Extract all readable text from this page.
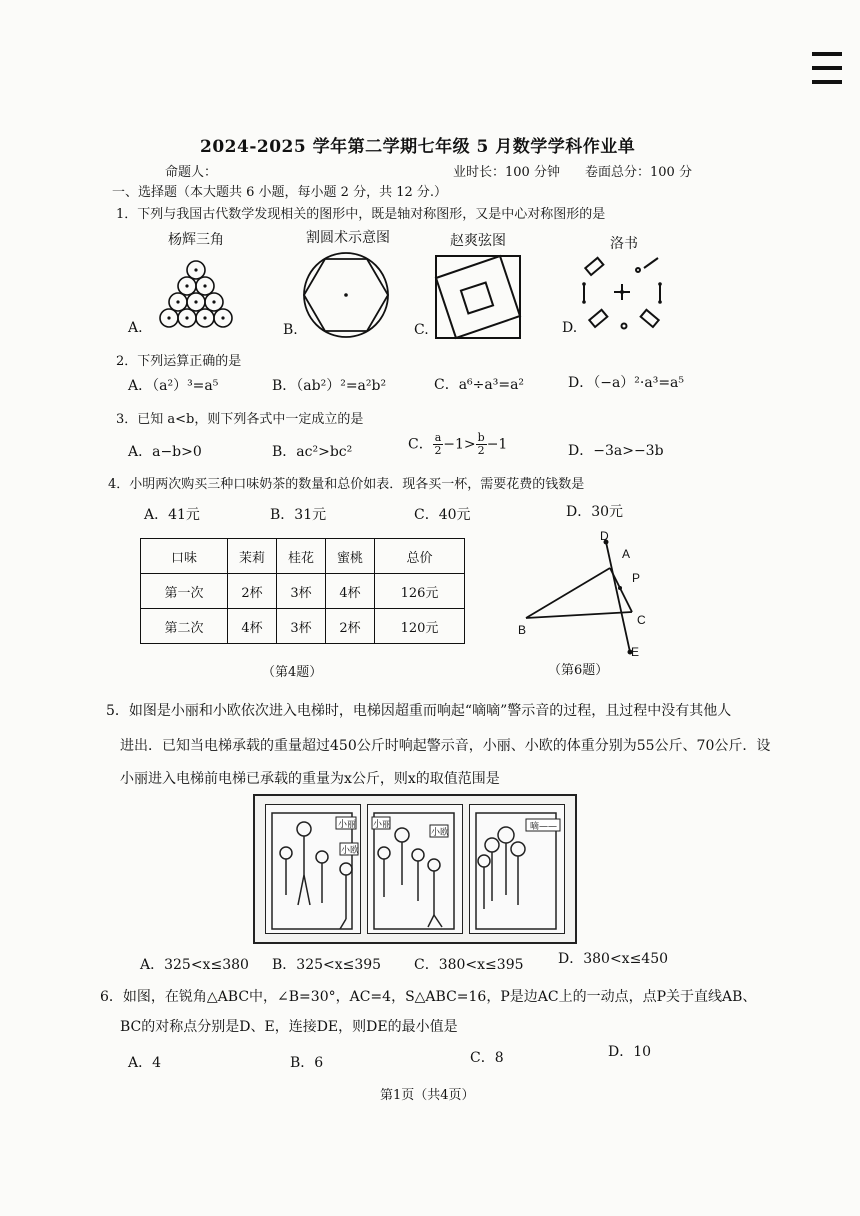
2024-2025 学年第二学期七年级 5 月数学学科作业单
命题人：	业时长：100 分钟 卷面总分：100 分
一、选择题（本大题共 6 小题，每小题 2 分，共 12 分.）
1．下列与我国古代数学发现相关的图形中，既是轴对称图形，又是中心对称图形的是
杨辉三角	割圆术示意图	赵爽弦图	洛书
A.	B.	C.	D.
2．下列运算正确的是
A．（a²）³=a⁵	B．（ab²）²=a²b²	C．a⁶÷a³=a²	D．（−a）²·a³=a⁵
3．已知 a<b，则下列各式中一定成立的是
A．a−b>0	B．ac²>bc²	C． $\frac{a}{2} -1> \frac{b}{2} -1$	D．−3a>−3b
4．小明两次购买三种口味奶茶的数量和总价如表．现各买一杯，需要花费的钱数是
A．41元	B．31元	C．40元	D．30元
口味	茉莉	桂花	蜜桃	总价
第一次	2杯	3杯	4杯	126元
第二次	4杯	3杯	2杯	120元
（第4题）
D
A
P
C
B
E
（第6题）
5．如图是小丽和小欧依次进入电梯时，电梯因超重而响起“嘀嘀”警示音的过程，且过程中没有其他人
进出．已知当电梯承载的重量超过450公斤时响起警示音，小丽、小欧的体重分别为55公斤、70公斤．设
小丽进入电梯前电梯已承载的重量为x公斤，则x的取值范围是
小丽
小欧
小丽
小欧
嘀——
A．325<x≤380 B．325<x≤395 C．380<x≤395 D．380<x≤450
6．如图，在锐角△ABC中，∠B=30°，AC=4，S△ABC=16，P是边AC上的一动点，点P关于直线AB、
BC的对称点分别是D、E，连接DE，则DE的最小值是
A．4	B．6	C．8	D．10
第1页（共4页）
